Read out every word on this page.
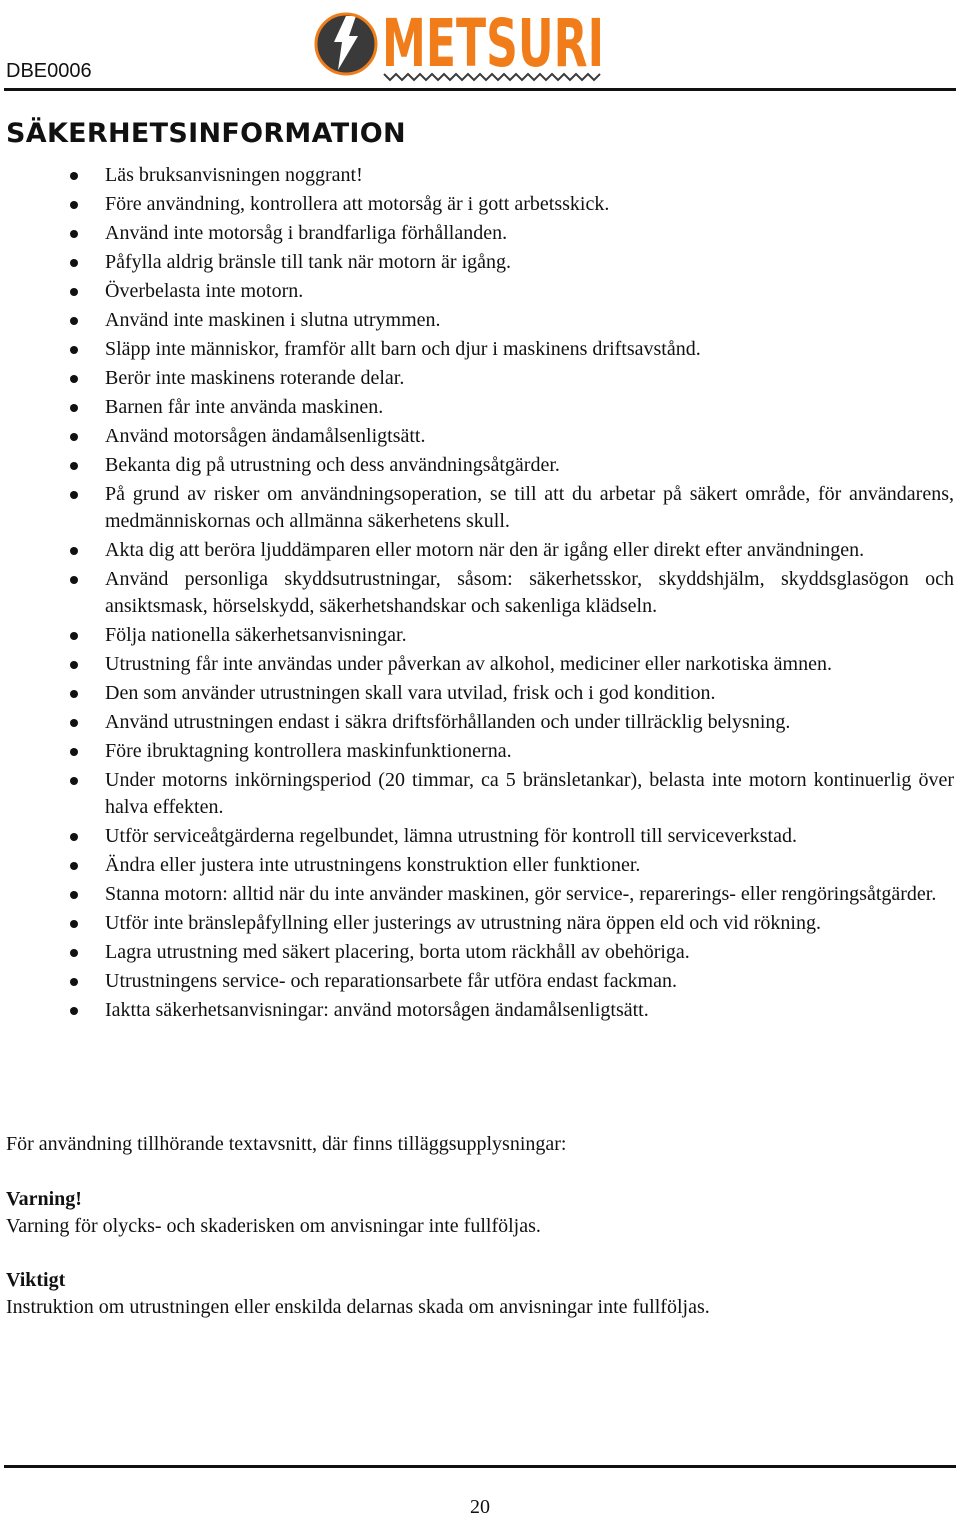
DBE0006	METSURI
SÄKERHETSINFORMATION
Läs bruksanvisningen noggrant!
Före användning, kontrollera att motorsåg är i gott arbetsskick.
Använd inte motorsåg i brandfarliga förhållanden.
Påfylla aldrig bränsle till tank när motorn är igång.
Överbelasta inte motorn.
Använd inte maskinen i slutna utrymmen.
Släpp inte människor, framför allt barn och djur i maskinens driftsavstånd.
Berör inte maskinens roterande delar.
Barnen får inte använda maskinen.
Använd motorsågen ändamålsenligtsätt.
Bekanta dig på utrustning och dess användningsåtgärder.
På grund av risker om användningsoperation, se till att du arbetar på säkert område, för användarens, medmänniskornas och allmänna säkerhetens skull.
Akta dig att beröra ljuddämparen eller motorn när den är igång eller direkt efter användningen.
Använd personliga skyddsutrustningar, såsom: säkerhetsskor, skyddshjälm, skyddsglasögon och ansiktsmask, hörselskydd, säkerhetshandskar och sakenliga klädseln.
Följa nationella säkerhetsanvisningar.
Utrustning får inte användas under påverkan av alkohol, mediciner eller narkotiska ämnen.
Den som använder utrustningen skall vara utvilad, frisk och i god kondition.
Använd utrustningen endast i säkra driftsförhållanden och under tillräcklig belysning.
Före ibruktagning kontrollera maskinfunktionerna.
Under motorns inkörningsperiod (20 timmar, ca 5 bränsletankar), belasta inte motorn kontinuerlig över halva effekten.
Utför serviceåtgärderna regelbundet, lämna utrustning för kontroll till serviceverkstad.
Ändra eller justera inte utrustningens konstruktion eller funktioner.
Stanna motorn: alltid när du inte använder maskinen, gör service-, reparerings- eller rengöringsåtgärder.
Utför inte bränslepåfyllning eller justerings av utrustning nära öppen eld och vid rökning.
Lagra utrustning med säkert placering, borta utom räckhåll av obehöriga.
Utrustningens service- och reparationsarbete får utföra endast fackman.
Iakttа säkerhetsanvisningar: använd motorsågen ändamålsenligtsätt.
För användning tillhörande textavsnitt, där finns tilläggsupplysningar:
Varning!
Varning för olycks- och skaderisken om anvisningar inte fullföljas.
Viktigt
Instruktion om utrustningen eller enskilda delarnas skada om anvisningar inte fullföljas.
20
